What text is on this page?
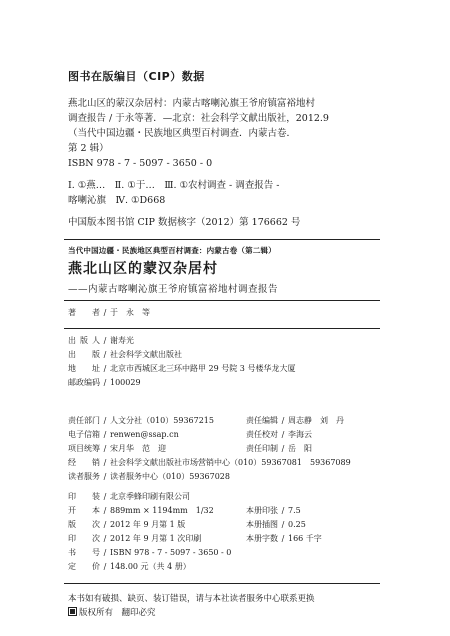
图书在版编目（CIP）数据

燕北山区的蒙汉杂居村：内蒙古喀喇沁旗王爷府镇富裕地村

调查报告 / 于永等著．—北京：社会科学文献出版社，2012.9

（当代中国边疆・民族地区典型百村调查．内蒙古卷．

第 2 辑）

ISBN 978 - 7 - 5097 - 3650 - 0

Ⅰ. ①燕…　Ⅱ. ①于…　Ⅲ. ①农村调查 - 调查报告 -

喀喇沁旗　Ⅳ. ①D668

中国版本图书馆 CIP 数据核字（2012）第 176662 号

当代中国边疆・民族地区典型百村调查：内蒙古卷（第二辑）
燕北山区的蒙汉杂居村
——内蒙古喀喇沁旗王爷府镇富裕地村调查报告
著　　者 / 于　永　等
出 版 人 / 谢寿光
出　　版 / 社会科学文献出版社
地　　址 / 北京市西城区北三环中路甲 29 号院 3 号楼华龙大厦
邮政编码 / 100029
责任部门 / 人文分社（010）59367215	责任编辑 / 周志静　刘　丹
电子信箱 / renwen@ssap.cn	责任校对 / 李海云
项目统筹 / 宋月华　范　迎	责任印制 / 岳　阳
经　　销 / 社会科学文献出版社市场营销中心（010）59367081　59367089
读者服务 / 读者服务中心（010）59367028
印　　装 / 北京季蜂印刷有限公司
开　　本 / 889mm × 1194mm　1/32	本册印张 / 7.5
版　　次 / 2012 年 9 月第 1 版	本册插图 / 0.25
印　　次 / 2012 年 9 月第 1 次印刷	本册字数 / 166 千字
书　　号 / ISBN 978 - 7 - 5097 - 3650 - 0
定　　价 / 148.00 元（共 4 册）

本书如有破损、缺页、装订错误，请与本社读者服务中心联系更换

版权所有　翻印必究
